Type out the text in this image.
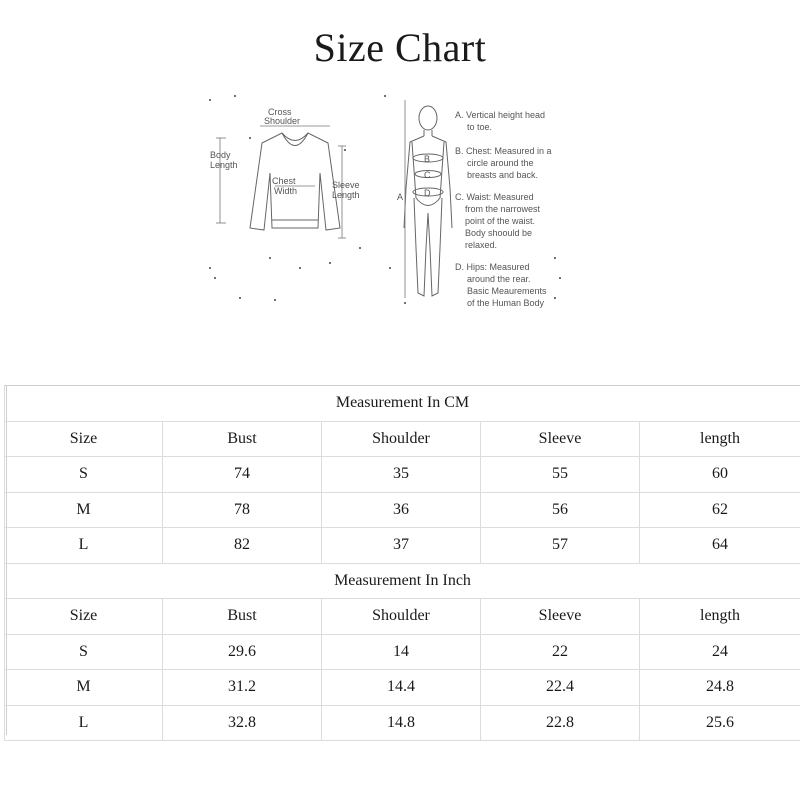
Size Chart
Cross
Shoulder
Body
Length
Chest
Width
Sleeve
Length
B
C
D
A
A. Vertical height head
to toe.
B. Chest: Measured in a
circle around the
breasts and back.
C. Waist: Measured
from the narrowest
point of the waist.
Body shoould be
relaxed.
D. Hips: Measured
around the rear.
Basic Meaurements
of the Human Body
Measurement In CM				
Size	Bust	Shoulder	Sleeve	length
S	74	35	55	60
M	78	36	56	62
L	82	37	57	64
Measurement In Inch				
Size	Bust	Shoulder	Sleeve	length
S	29.6	14	22	24
M	31.2	14.4	22.4	24.8
L	32.8	14.8	22.8	25.6
